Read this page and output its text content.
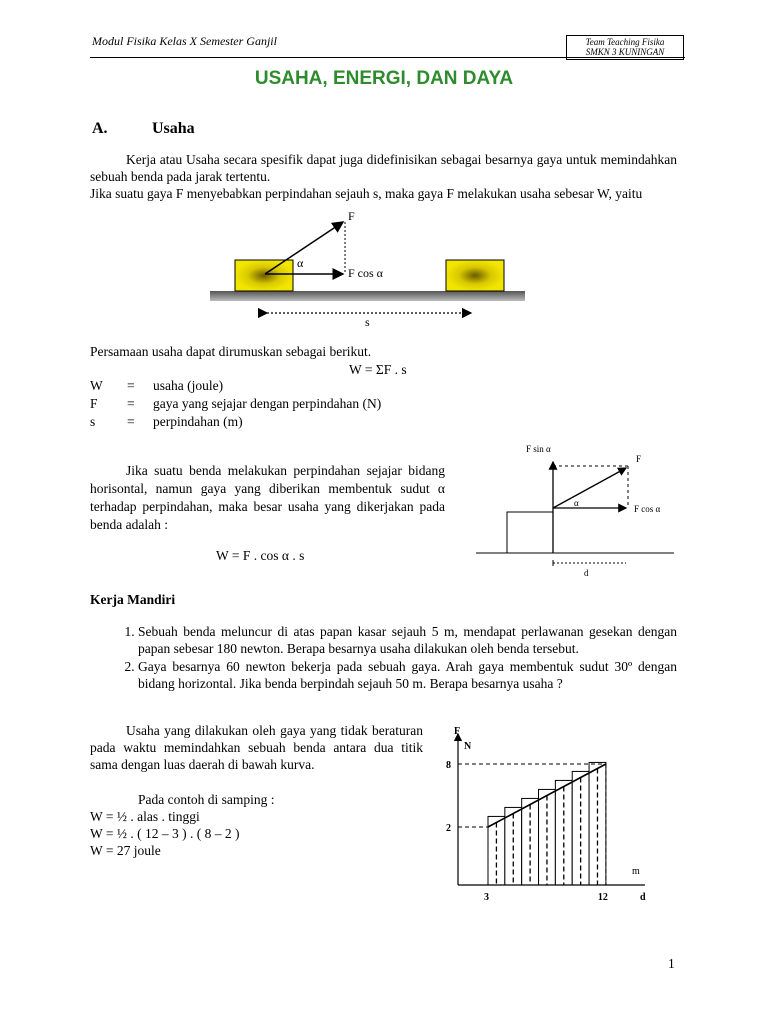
Modul Fisika Kelas X Semester Ganjil	Team Teaching Fisika
SMKN 3 KUNINGAN
USAHA, ENERGI, DAN DAYA
A.	Usaha
Kerja atau Usaha secara spesifik dapat juga didefinisikan sebagai besarnya gaya untuk memindahkan sebuah benda pada jarak tertentu.
Jika suatu gaya F menyebabkan perpindahan sejauh s, maka gaya F melakukan usaha sebesar W, yaitu
F
α
F cos α
s
Persamaan usaha dapat dirumuskan sebagai berikut.
W = ΣF . s
W = usaha (joule)
F = gaya yang sejajar dengan perpindahan (N)
s = perpindahan (m)
Jika suatu benda melakukan perpindahan sejajar bidang horisontal, namun gaya yang diberikan membentuk sudut α terhadap perpindahan, maka besar usaha yang dikerjakan pada benda adalah :
W = F . cos α . s
F sin α
F
α
F cos α
d
Kerja Mandiri
1. Sebuah benda meluncur di atas papan kasar sejauh 5 m, mendapat perlawanan gesekan dengan papan sebesar 180 newton. Berapa besarnya usaha dilakukan oleh benda tersebut.
2. Gaya besarnya 60 newton bekerja pada sebuah gaya. Arah gaya membentuk sudut 30º dengan bidang horizontal. Jika benda berpindah sejauh 50 m. Berapa besarnya usaha ?
Usaha yang dilakukan oleh gaya yang tidak beraturan pada waktu memindahkan sebuah benda antara dua titik sama dengan luas daerah di bawah kurva.
Pada contoh di samping :
W = ½ . alas . tinggi
W = ½ . ( 12 – 3 ) . ( 8 – 2 )
W = 27 joule
F
N
m
d
8
2
3	12
1
